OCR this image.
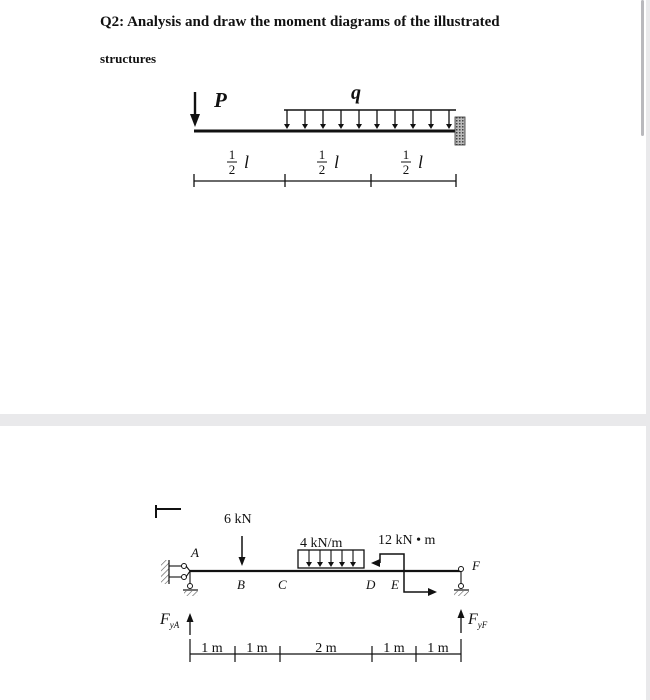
Q2: Analysis and draw the moment diagrams of the illustrated

structures

P	q
1
2 l	1
2 l	1
2 l
6 kN
4 kN/m	12 kN • m
A
B	C	D E
F
$F_{yA}$	$F_{yF}$
1 m 1 m	2 m	1 m 1 m
